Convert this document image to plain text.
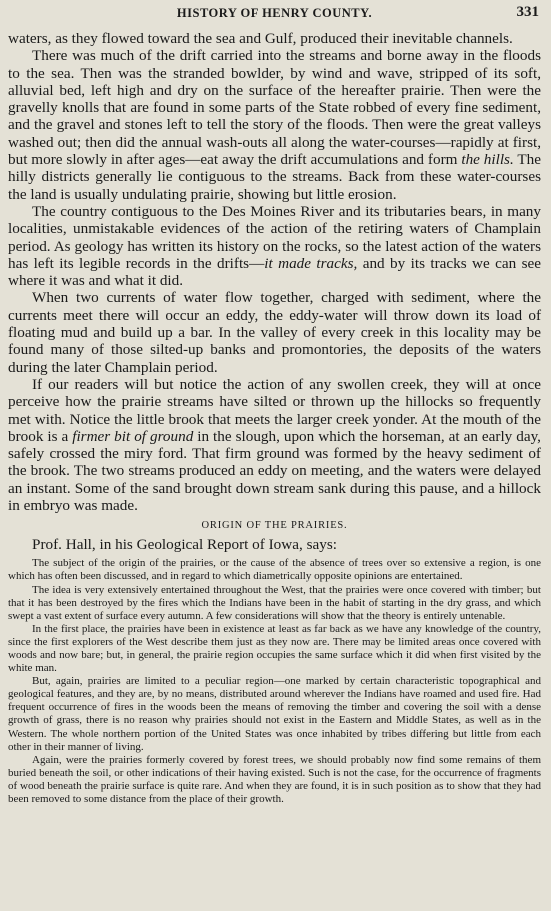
HISTORY OF HENRY COUNTY.	331

waters, as they flowed toward the sea and Gulf, produced their inevitable channels.

There was much of the drift carried into the streams and borne away in the floods to the sea. Then was the stranded bowlder, by wind and wave, stripped of its soft, alluvial bed, left high and dry on the surface of the hereafter prairie. Then were the gravelly knolls that are found in some parts of the State robbed of every fine sediment, and the gravel and stones left to tell the story of the floods. Then were the great valleys washed out; then did the annual wash-outs all along the water-courses—rapidly at first, but more slowly in after ages—eat away the drift accumulations and form the hills. The hilly districts generally lie contiguous to the streams. Back from these water-courses the land is usually undulating prairie, showing but little erosion.

The country contiguous to the Des Moines River and its tributaries bears, in many localities, unmistakable evidences of the action of the retiring waters of Champlain period. As geology has written its history on the rocks, so the latest action of the waters has left its legible records in the drifts—it made tracks, and by its tracks we can see where it was and what it did.

When two currents of water flow together, charged with sediment, where the currents meet there will occur an eddy, the eddy-water will throw down its load of floating mud and build up a bar. In the valley of every creek in this locality may be found many of those silted-up banks and promontories, the deposits of the waters during the later Champlain period.

If our readers will but notice the action of any swollen creek, they will at once perceive how the prairie streams have silted or thrown up the hillocks so frequently met with. Notice the little brook that meets the larger creek yonder. At the mouth of the brook is a firmer bit of ground in the slough, upon which the horseman, at an early day, safely crossed the miry ford. That firm ground was formed by the heavy sediment of the brook. The two streams produced an eddy on meeting, and the waters were delayed an instant. Some of the sand brought down stream sank during this pause, and a hillock in embryo was made.

ORIGIN OF THE PRAIRIES.

Prof. Hall, in his Geological Report of Iowa, says:

The subject of the origin of the prairies, or the cause of the absence of trees over so extensive a region, is one which has often been discussed, and in regard to which diametrically opposite opinions are entertained.

The idea is very extensively entertained throughout the West, that the prairies were once covered with timber; but that it has been destroyed by the fires which the Indians have been in the habit of starting in the dry grass, and which swept a vast extent of surface every autumn. A few considerations will show that the theory is entirely untenable.

In the first place, the prairies have been in existence at least as far back as we have any knowledge of the country, since the first explorers of the West describe them just as they now are. There may be limited areas once covered with woods and now bare; but, in general, the prairie region occupies the same surface which it did when first visited by the white man.

But, again, prairies are limited to a peculiar region—one marked by certain characteristic topographical and geological features, and they are, by no means, distributed around wherever the Indians have roamed and used fire. Had frequent occurrence of fires in the woods been the means of removing the timber and covering the soil with a dense growth of grass, there is no reason why prairies should not exist in the Eastern and Middle States, as well as in the Western. The whole northern portion of the United States was once inhabited by tribes differing but little from each other in their manner of living.

Again, were the prairies formerly covered by forest trees, we should probably now find some remains of them buried beneath the soil, or other indications of their having existed. Such is not the case, for the occurrence of fragments of wood beneath the prairie surface is quite rare. And when they are found, it is in such position as to show that they had been removed to some distance from the place of their growth.
